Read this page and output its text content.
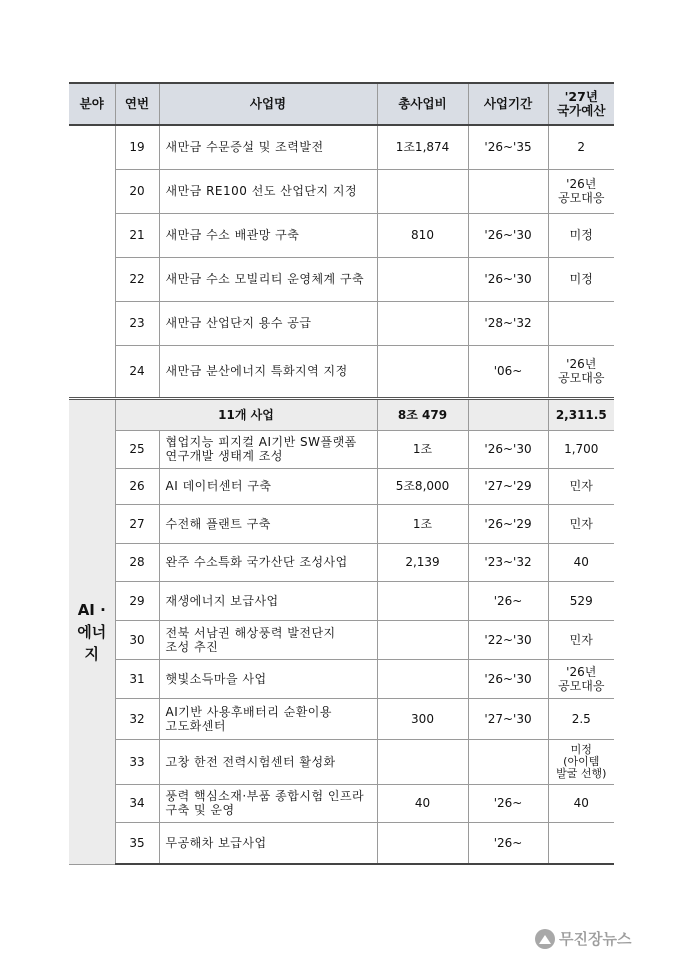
분야	연번	사업명	총사업비	사업기간	'27년
국가예산
	19	새만금 수문증설 및 조력발전	1조1,874	'26~'35	2
	20	새만금 RE100 선도 산업단지 지정			'26년
공모대응
	21	새만금 수소 배관망 구축	810	'26~'30	미정
	22	새만금 수소 모빌리티 운영체계 구축		'26~'30	미정
	23	새만금 산업단지 용수 공급		'28~'32	
	24	새만금 분산에너지 특화지역 지정		'06~	'26년
공모대응
AI ·
에너지	11개 사업		8조 479		2,311.5
	25	협업지능 피지컬 AI기반 SW플랫폼
연구개발 생태계 조성	1조	'26~'30	1,700
	26	AI 데이터센터 구축	5조8,000	'27~'29	민자
	27	수전해 플랜트 구축	1조	'26~'29	민자
	28	완주 수소특화 국가산단 조성사업	2,139	'23~'32	40
	29	재생에너지 보급사업		'26~	529
	30	전북 서남권 해상풍력 발전단지
조성 추진		'22~'30	민자
	31	햇빛소득마을 사업		'26~'30	'26년
공모대응
	32	AI기반 사용후배터리 순환이용
고도화센터	300	'27~'30	2.5
	33	고창 한전 전력시험센터 활성화			미정
(아이템
발굴 선행)
	34	풍력 핵심소재·부품 종합시험 인프라
구축 및 운영	40	'26~	40
	35	무공해차 보급사업		'26~	
무진장뉴스
